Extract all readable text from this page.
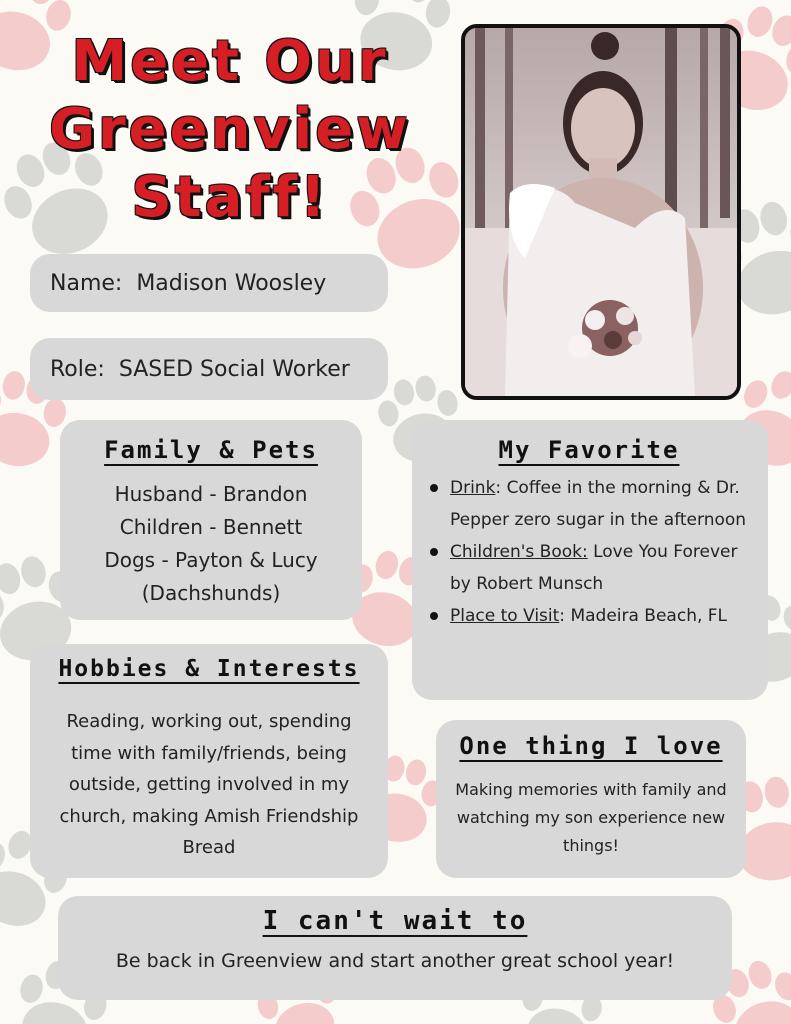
Meet Our
Greenview
Staff!
Name: Madison Woosley
Role: SASED Social Worker
Family & Pets
Husband - Brandon
Children - Bennett
Dogs - Payton & Lucy
(Dachshunds)
My Favorite
Drink: Coffee in the morning & Dr. Pepper zero sugar in the afternoon
Children's Book: Love You Forever by Robert Munsch
Place to Visit: Madeira Beach, FL
Hobbies & Interests
Reading, working out, spending time with family/friends, being outside, getting involved in my church, making Amish Friendship Bread
One thing I love
Making memories with family and watching my son experience new things!
I can't wait to
Be back in Greenview and start another great school year!
